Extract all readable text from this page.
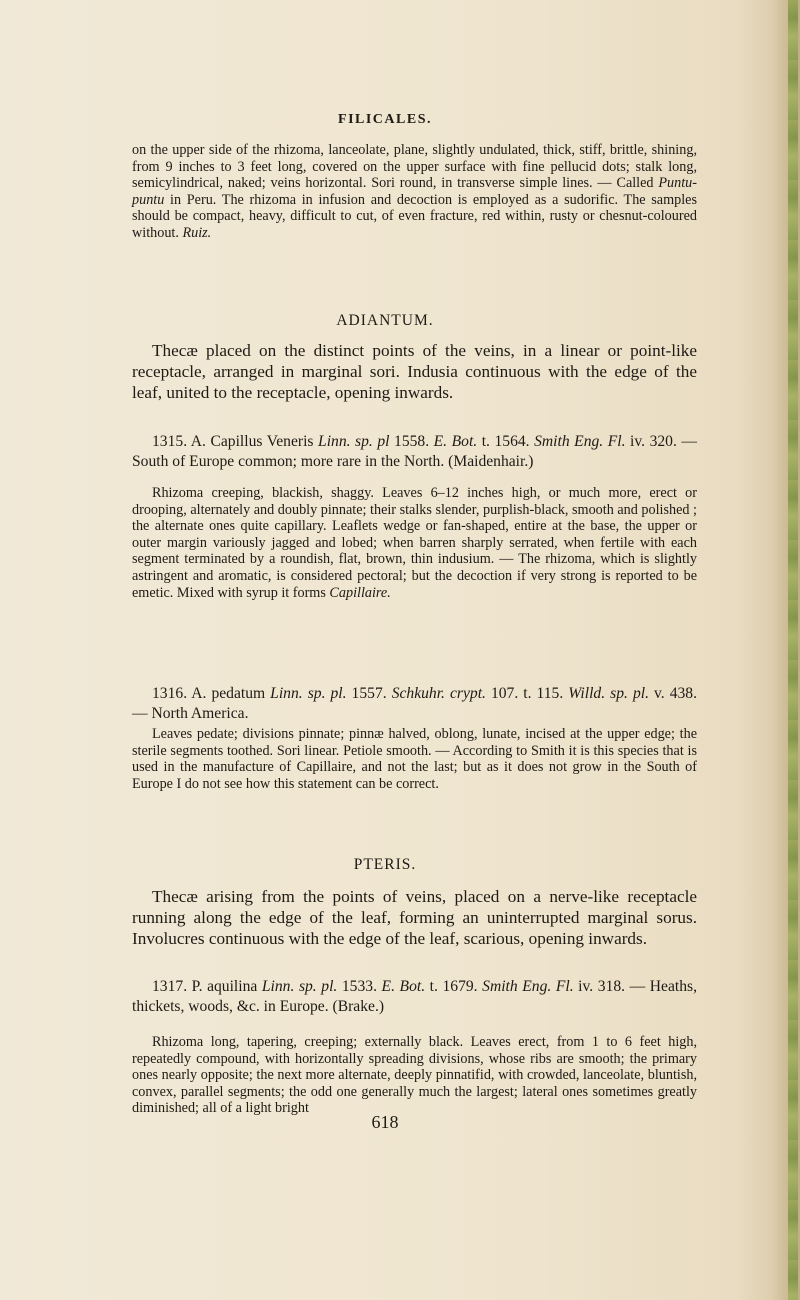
FILICALES.

on the upper side of the rhizoma, lanceolate, plane, slightly undulated, thick, stiff, brittle, shining, from 9 inches to 3 feet long, covered on the upper surface with fine pellucid dots; stalk long, semicylindrical, naked; veins horizontal. Sori round, in transverse simple lines. — Called Puntu-puntu in Peru. The rhizoma in infusion and decoction is employed as a sudorific. The samples should be compact, heavy, difficult to cut, of even fracture, red within, rusty or chesnut-coloured without. Ruiz.

ADIANTUM.

Thecæ placed on the distinct points of the veins, in a linear or point-like receptacle, arranged in marginal sori. Indusia continuous with the edge of the leaf, united to the receptacle, opening inwards.

1315. A. Capillus Veneris Linn. sp. pl 1558. E. Bot. t. 1564. Smith Eng. Fl. iv. 320. — South of Europe common; more rare in the North. (Maidenhair.)

Rhizoma creeping, blackish, shaggy. Leaves 6–12 inches high, or much more, erect or drooping, alternately and doubly pinnate; their stalks slender, purplish-black, smooth and polished ; the alternate ones quite capillary. Leaflets wedge or fan-shaped, entire at the base, the upper or outer margin variously jagged and lobed; when barren sharply serrated, when fertile with each segment terminated by a roundish, flat, brown, thin indusium. — The rhizoma, which is slightly astringent and aromatic, is considered pectoral; but the decoction if very strong is reported to be emetic. Mixed with syrup it forms Capillaire.

1316. A. pedatum Linn. sp. pl. 1557. Schkuhr. crypt. 107. t. 115. Willd. sp. pl. v. 438. — North America.

Leaves pedate; divisions pinnate; pinnæ halved, oblong, lunate, incised at the upper edge; the sterile segments toothed. Sori linear. Petiole smooth. — According to Smith it is this species that is used in the manufacture of Capillaire, and not the last; but as it does not grow in the South of Europe I do not see how this statement can be correct.

PTERIS.

Thecæ arising from the points of veins, placed on a nerve-like receptacle running along the edge of the leaf, forming an uninterrupted marginal sorus. Involucres continuous with the edge of the leaf, scarious, opening inwards.

1317. P. aquilina Linn. sp. pl. 1533. E. Bot. t. 1679. Smith Eng. Fl. iv. 318. — Heaths, thickets, woods, &c. in Europe. (Brake.)

Rhizoma long, tapering, creeping; externally black. Leaves erect, from 1 to 6 feet high, repeatedly compound, with horizontally spreading divisions, whose ribs are smooth; the primary ones nearly opposite; the next more alternate, deeply pinnatifid, with crowded, lanceolate, bluntish, convex, parallel segments; the odd one generally much the largest; lateral ones sometimes greatly diminished; all of a light bright

618
